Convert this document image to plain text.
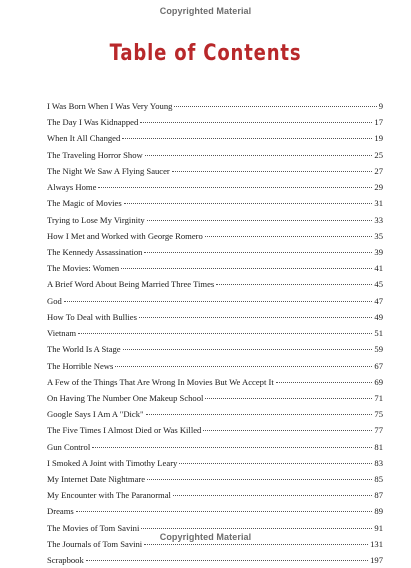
Copyrighted Material
Table of Contents
I Was Born When I Was Very Young	9
The Day I Was Kidnapped	17
When It All Changed	19
The Traveling Horror Show	25
The Night We Saw A Flying Saucer	27
Always Home	29
The Magic of Movies	31
Trying to Lose My Virginity	33
How I Met and Worked with George Romero	35
The Kennedy Assassination	39
The Movies: Women	41
A Brief Word About Being Married Three Times	45
God	47
How To Deal with Bullies	49
Vietnam	51
The World Is A Stage	59
The Horrible News	67
A Few of the Things That Are Wrong In Movies But We Accept It	69
On Having The Number One Makeup School	71
Google Says I Am A "Dick"	75
The Five Times I Almost Died or Was Killed	77
Gun Control	81
I Smoked A Joint with Timothy Leary	83
My Internet Date Nightmare	85
My Encounter with The Paranormal	87
Dreams	89
The Movies of Tom Savini	91
The Journals of Tom Savini	131
Scrapbook	197
Copyrighted Material
